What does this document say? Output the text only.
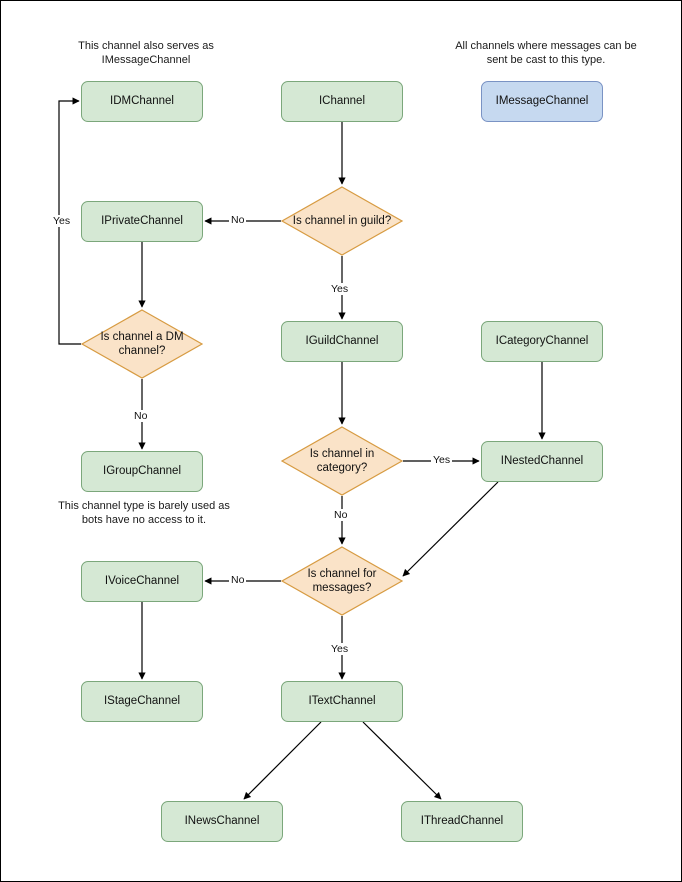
This channel also serves as IMessageChannel
All channels where messages can be sent be cast to this type.
This channel type is barely used as bots have no access to it.
IDMChannel	IChannel	IMessageChannel
IPrivateChannel
IGuildChannel	ICategoryChannel
IGroupChannel
INestedChannel
IVoiceChannel
IStageChannel	ITextChannel
INewsChannel	IThreadChannel
Is channel in guild?
Is channel a DM channel?
Is channel in category?
Is channel for messages?
No
Yes
Yes
No
Yes
No
No
Yes
